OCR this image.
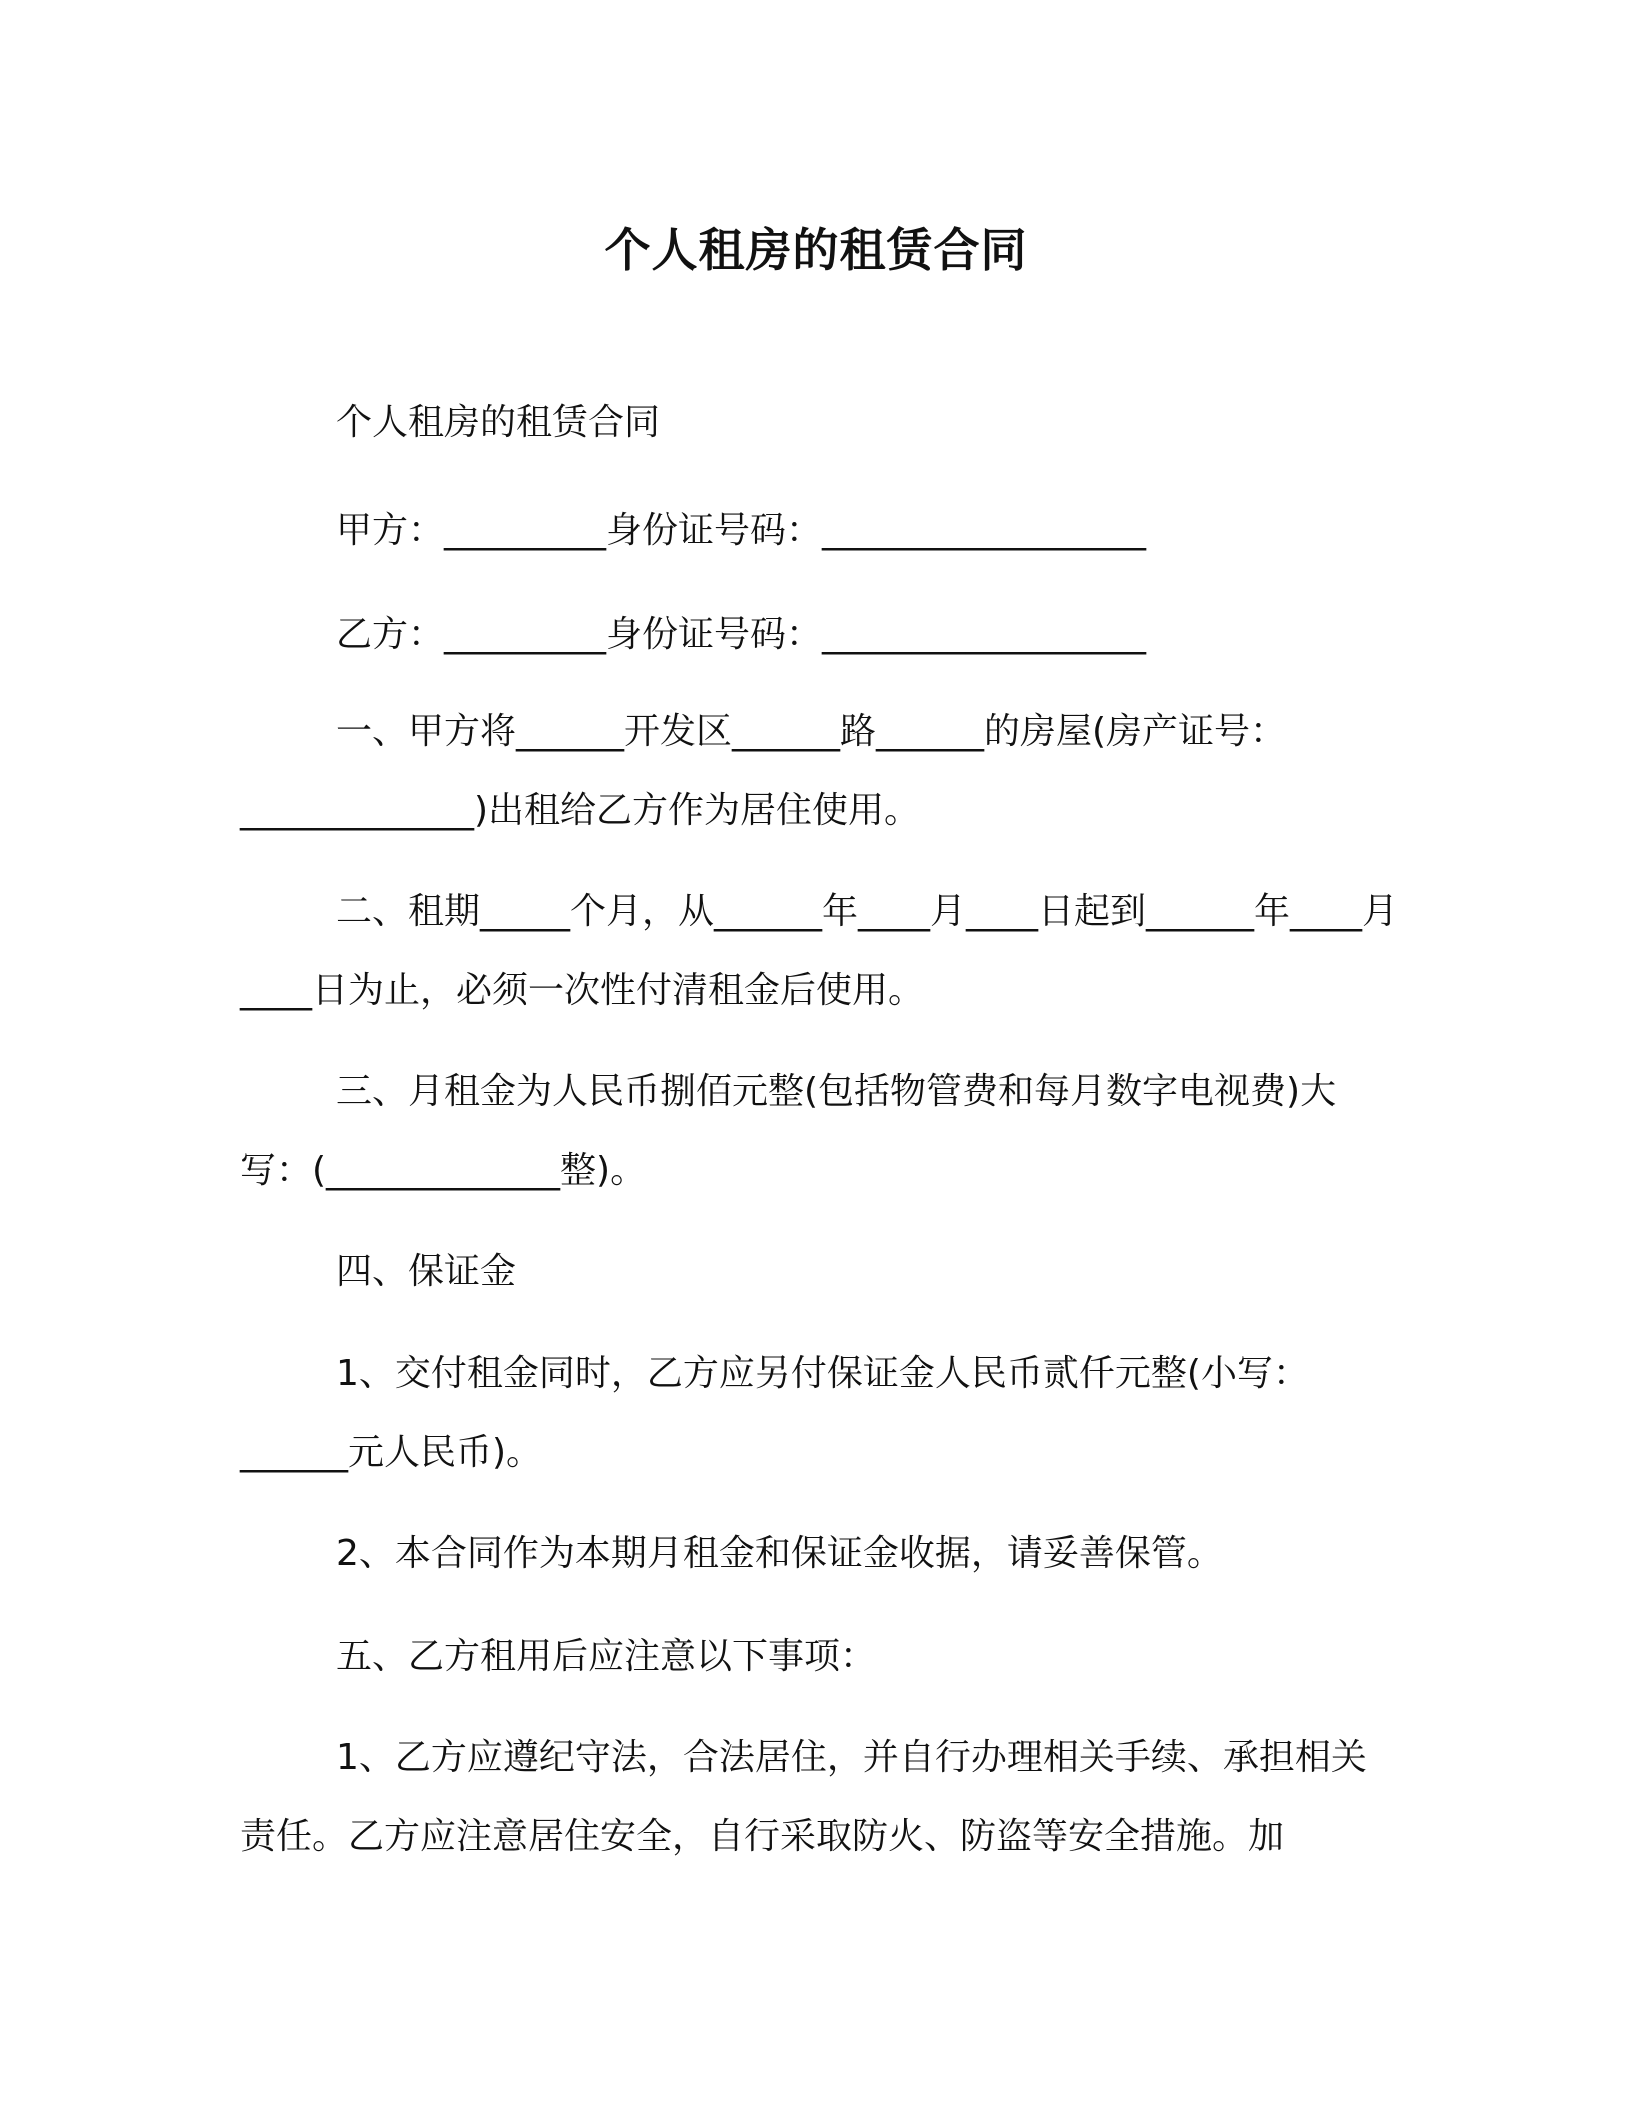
个人租房的租赁合同
个人租房的租赁合同
甲方：_________身份证号码：__________________
乙方：_________身份证号码：__________________
一、甲方将______开发区______路______的房屋(房产证号：_____________)出租给乙方作为居住使用。
二、租期_____个月，从______年____月____日起到______年____月____日为止，必须一次性付清租金后使用。
三、月租金为人民币捌佰元整(包括物管费和每月数字电视费)大写：(_____________整)。
四、保证金
1、交付租金同时，乙方应另付保证金人民币贰仟元整(小写：______元人民币)。
2、本合同作为本期月租金和保证金收据，请妥善保管。
五、乙方租用后应注意以下事项：
1、乙方应遵纪守法，合法居住，并自行办理相关手续、承担相关责任。乙方应注意居住安全，自行采取防火、防盗等安全措施。加
